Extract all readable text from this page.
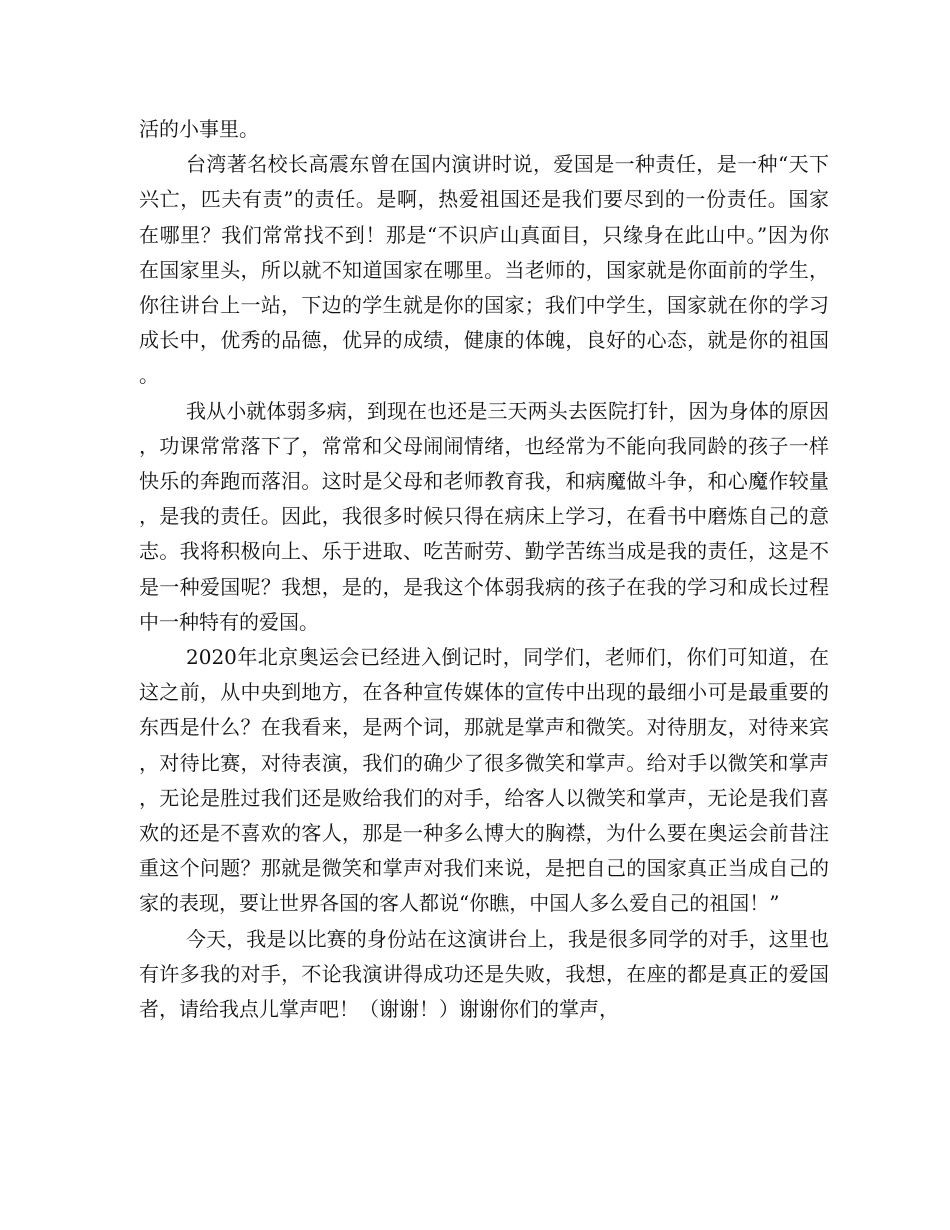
活的小事里。

台湾著名校长高震东曾在国内演讲时说，爱国是一种责任，是一种“天下兴亡，匹夫有责”的责任。是啊，热爱祖国还是我们要尽到的一份责任。国家在哪里？我们常常找不到！那是“不识庐山真面目，只缘身在此山中。”因为你在国家里头，所以就不知道国家在哪里。当老师的，国家就是你面前的学生，你往讲台上一站，下边的学生就是你的国家；我们中学生，国家就在你的学习成长中，优秀的品德，优异的成绩，健康的体魄，良好的心态，就是你的祖国。

我从小就体弱多病，到现在也还是三天两头去医院打针，因为身体的原因，功课常常落下了，常常和父母闹闹情绪，也经常为不能向我同龄的孩子一样快乐的奔跑而落泪。这时是父母和老师教育我，和病魔做斗争，和心魔作较量，是我的责任。因此，我很多时候只得在病床上学习，在看书中磨炼自己的意志。我将积极向上、乐于进取、吃苦耐劳、勤学苦练当成是我的责任，这是不是一种爱国呢？我想，是的，是我这个体弱我病的孩子在我的学习和成长过程中一种特有的爱国。

2020年北京奥运会已经进入倒记时，同学们，老师们，你们可知道，在这之前，从中央到地方，在各种宣传媒体的宣传中出现的最细小可是最重要的东西是什么？在我看来，是两个词，那就是掌声和微笑。对待朋友，对待来宾，对待比赛，对待表演，我们的确少了很多微笑和掌声。给对手以微笑和掌声，无论是胜过我们还是败给我们的对手，给客人以微笑和掌声，无论是我们喜欢的还是不喜欢的客人，那是一种多么博大的胸襟，为什么要在奥运会前昔注重这个问题？那就是微笑和掌声对我们来说，是把自己的国家真正当成自己的家的表现，要让世界各国的客人都说“你瞧，中国人多么爱自己的祖国！”

今天，我是以比赛的身份站在这演讲台上，我是很多同学的对手，这里也有许多我的对手，不论我演讲得成功还是失败，我想，在座的都是真正的爱国者，请给我点儿掌声吧！（谢谢！）谢谢你们的掌声，
